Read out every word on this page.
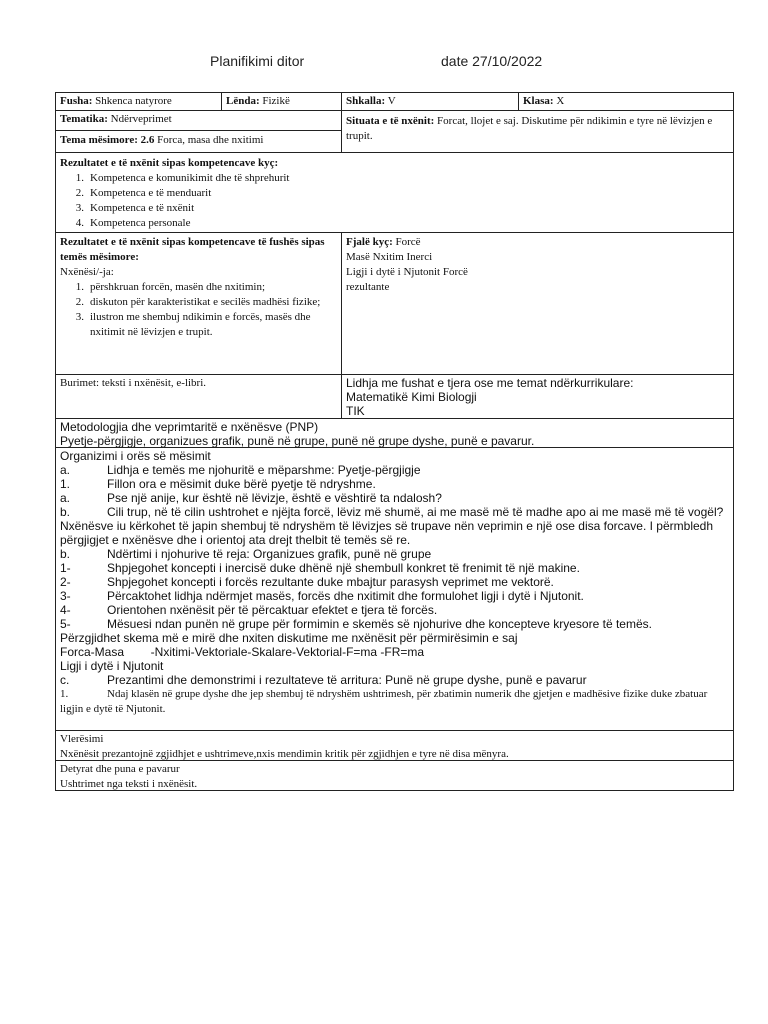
Planifikimi ditor	date 27/10/2022
Fusha: Shkenca natyrore	Lënda: Fizikë	Shkalla: V	Klasa: X
Tematika: Ndërveprimet
Tema mësimore: 2.6 Forca, masa dhe nxitimi
Situata e të nxënit: Forcat, llojet e saj. Diskutime për ndikimin e tyre në lëvizjen e trupit.
Rezultatet e të nxënit sipas kompetencave kyç:
1. Kompetenca e komunikimit dhe të shprehurit
2. Kompetenca e të menduarit
3. Kompetenca e të nxënit
4. Kompetenca personale
Rezultatet e të nxënit sipas kompetencave të fushës sipas temës mësimore:
Nxënësi/-ja:
1. përshkruan forcën, masën dhe nxitimin;
2. diskuton për karakteristikat e secilës madhësi fizike;
3. ilustron me shembuj ndikimin e forcës, masës dhe nxitimit në lëvizjen e trupit.
Fjalë kyç: Forcë
Masë Nxitim Inerci
Ligji i dytë i Njutonit Forcë
rezultante
Burimet: teksti i nxënësit, e-libri.	Lidhja me fushat e tjera ose me temat ndërkurrikulare:
Matematikë Kimi Biologji
TIK
Metodologjia dhe veprimtaritë e nxënësve (PNP)
Pyetje-përgjigje, organizues grafik, punë në grupe, punë në grupe dyshe, punë e pavarur.
Organizimi i orës së mësimit
a.	Lidhja e temës me njohuritë e mëparshme: Pyetje-përgjigje
1.	Fillon ora e mësimit duke bërë pyetje të ndryshme.
a.	Pse një anije, kur është në lëvizje, është e vështirë ta ndalosh?
b.	Cili trup, në të cilin ushtrohet e njëjta forcë, lëviz më shumë, ai me masë më të madhe apo ai me masë më të vogël?
Nxënësve iu kërkohet të japin shembuj të ndryshëm të lëvizjes së trupave nën veprimin e një ose disa forcave. I përmbledh përgjigjet e nxënësve dhe i orientoj ata drejt thelbit të temës së re.
b.	Ndërtimi i njohurive të reja: Organizues grafik, punë në grupe
1-	Shpjegohet koncepti i inercisë duke dhënë një shembull konkret të frenimit të një makine.
2-	Shpjegohet koncepti i forcës rezultante duke mbajtur parasysh veprimet me vektorë.
3-	Përcaktohet lidhja ndërmjet masës, forcës dhe nxitimit dhe formulohet ligji i dytë i Njutonit.
4-	Orientohen nxënësit për të përcaktuar efektet e tjera të forcës.
5-	Mësuesi ndan punën në grupe për formimin e skemës së njohurive dhe koncepteve kryesore të temës.
Përzgjidhet skema më e mirë dhe nxiten diskutime me nxënësit për përmirësimin e saj
Forca-Masa        -Nxitimi-Vektoriale-Skalare-Vektorial-F=ma -FR=ma
Ligji i dytë i Njutonit
c.	Prezantimi dhe demonstrimi i rezultateve të arritura: Punë në grupe dyshe, punë e pavarur
1.	Ndaj klasën në grupe dyshe dhe jep shembuj të ndryshëm ushtrimesh, për zbatimin numerik dhe gjetjen e madhësive fizike duke zbatuar ligjin e dytë të Njutonit.
Vlerësimi
Nxënësit prezantojnë zgjidhjet e ushtrimeve,nxis mendimin kritik për zgjidhjen e tyre në disa mënyra.
Detyrat dhe puna e pavarur
Ushtrimet nga teksti i nxënësit.
